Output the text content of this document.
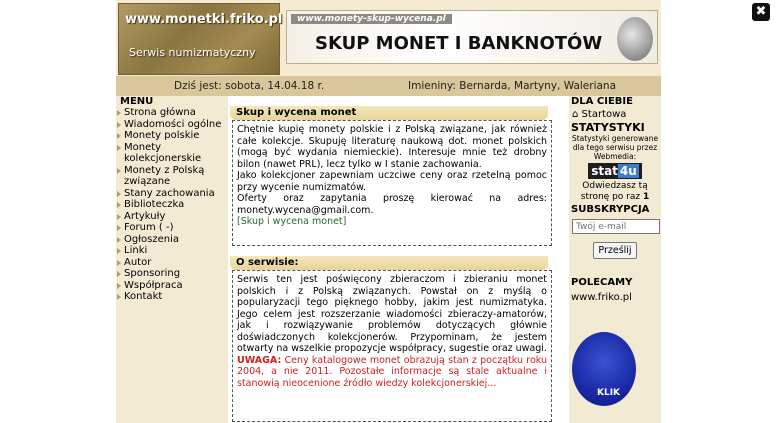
www.monetki.friko.pl
Serwis numizmatyczny
www.monety-skup-wycena.pl
SKUP MONET I BANKNOTÓW
Dziś jest: sobota, 14.04.18 r.	Imieniny: Bernarda, Martyny, Waleriana
MENU
Strona główna
Wiadomości ogólne
Monety polskie
Monety kolekcjonerskie
Monety z Polską związane
Stany zachowania
Biblioteczka
Artykuły
Forum ( -)
Ogłoszenia
Linki
Autor
Sponsoring
Współpraca
Kontakt
Skup i wycena monet
Chętnie kupię monety polskie i z Polską związane, jak również całe kolekcje. Skupuję literaturę naukową dot. monet polskich (mogą być wydania niemieckie). Interesuje mnie też drobny bilon (nawet PRL), lecz tylko w I stanie zachowania.
Jako kolekcjoner zapewniam uczciwe ceny oraz rzetelną pomoc przy wycenie numizmatów.
Oferty oraz zapytania proszę kierować na adres: monety.wycena@gmail.com.
[Skup i wycena monet]
O serwisie:
Serwis ten jest poświęcony zbieraczom i zbieraniu monet polskich i z Polską związanych. Powstał on z myślą o popularyzacji tego pięknego hobby, jakim jest numizmatyka. Jego celem jest rozszerzanie wiadomości zbieraczy-amatorów, jak i rozwiązywanie problemów dotyczących głównie doświadczonych kolekcjonerów. Przypominam, że jestem otwarty na wszelkie propozycje współpracy, sugestie oraz uwagi.
UWAGA: Ceny katalogowe monet obrazują stan z początku roku 2004, a nie 2011. Pozostałe informacje są stale aktualne i stanowią nieocenione źródło wiedzy kolekcjonerskiej...
DLA CIEBIE
⌂ Startowa
STATYSTYKI
Statystyki generowane dla tego serwisu przez Webmedia:
stat 4u
Odwiedzasz tą stronę po raz 1
SUBSKRYPCJA
Twój e-mail
Prześlij
POLECAMY
www.friko.pl
KLIK
✖
